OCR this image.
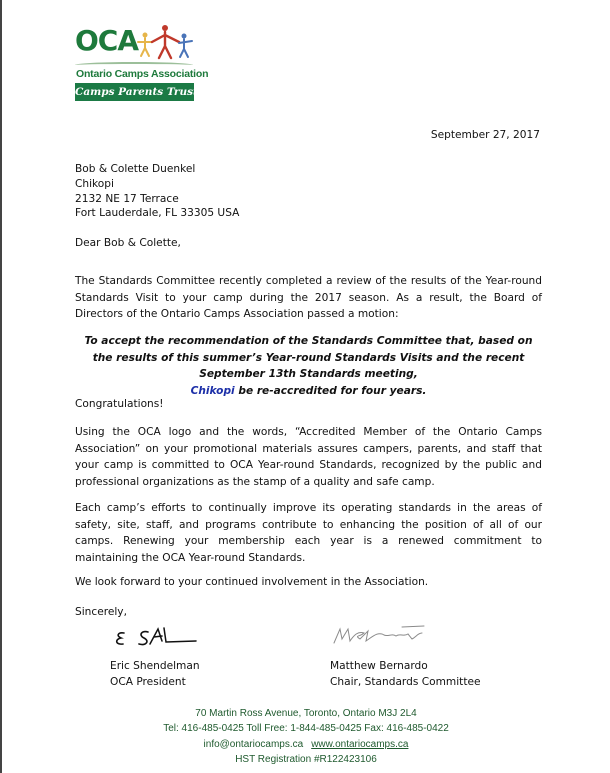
OCA
Ontario Camps Association
Camps Parents Trust
September 27, 2017
Bob & Colette Duenkel
Chikopi
2132 NE 17 Terrace
Fort Lauderdale, FL 33305 USA
Dear Bob & Colette,
The Standards Committee recently completed a review of the results of the Year-round Standards Visit to your camp during the 2017 season. As a result, the Board of Directors of the Ontario Camps Association passed a motion:
To accept the recommendation of the Standards Committee that, based on the results of this summer’s Year-round Standards Visits and the recent September 13th Standards meeting,
Chikopi be re-accredited for four years.
Congratulations!
Using the OCA logo and the words, “Accredited Member of the Ontario Camps Association” on your promotional materials assures campers, parents, and staff that your camp is committed to OCA Year-round Standards, recognized by the public and professional organizations as the stamp of a quality and safe camp.
Each camp’s efforts to continually improve its operating standards in the areas of safety, site, staff, and programs contribute to enhancing the position of all of our camps. Renewing your membership each year is a renewed commitment to maintaining the OCA Year-round Standards.
We look forward to your continued involvement in the Association.
Sincerely,
Eric Shendelman
OCA President
Matthew Bernardo
Chair, Standards Committee
70 Martin Ross Avenue, Toronto, Ontario M3J 2L4
Tel: 416-485-0425 Toll Free: 1-844-485-0425 Fax: 416-485-0422
info@ontariocamps.ca www.ontariocamps.ca
HST Registration #R122423106
